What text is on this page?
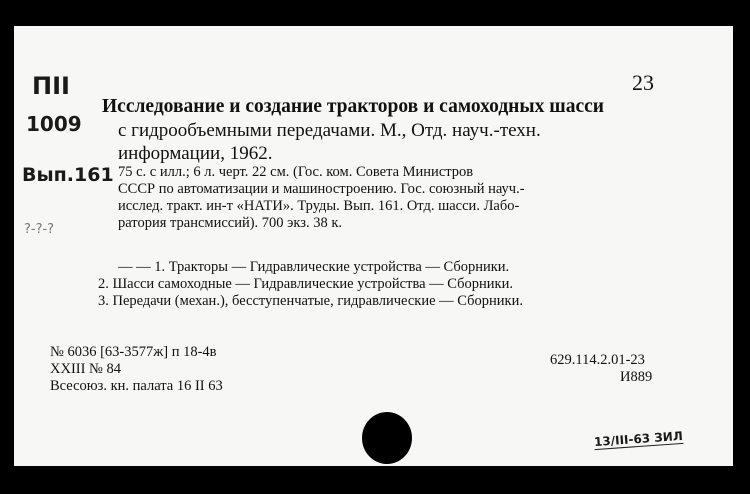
ПII
1009
Вып.161
?-?-?
23
Исследование и создание тракторов и самоходных шасси
с гидрообъемными передачами. М., Отд. науч.-техн.
информации, 1962.
75 с. с илл.; 6 л. черт. 22 см. (Гос. ком. Совета Министров
СССР по автоматизации и машиностроению. Гос. союзный науч.-
исслед. тракт. ин-т «НАТИ». Труды. Вып. 161. Отд. шасси. Лабо-
ратория трансмиссий). 700 экз. 38 к.
— — 1. Тракторы — Гидравлические устройства — Сборники.
2. Шасси самоходные — Гидравлические устройства — Сборники.
3. Передачи (механ.), бесступенчатые, гидравлические — Сборники.
№ 6036 [63-3577ж] п 18-4в
XXIII № 84
Всесоюз. кн. палата 16 II 63
629.114.2.01-23
И889
13/III-63 ЗИЛ
